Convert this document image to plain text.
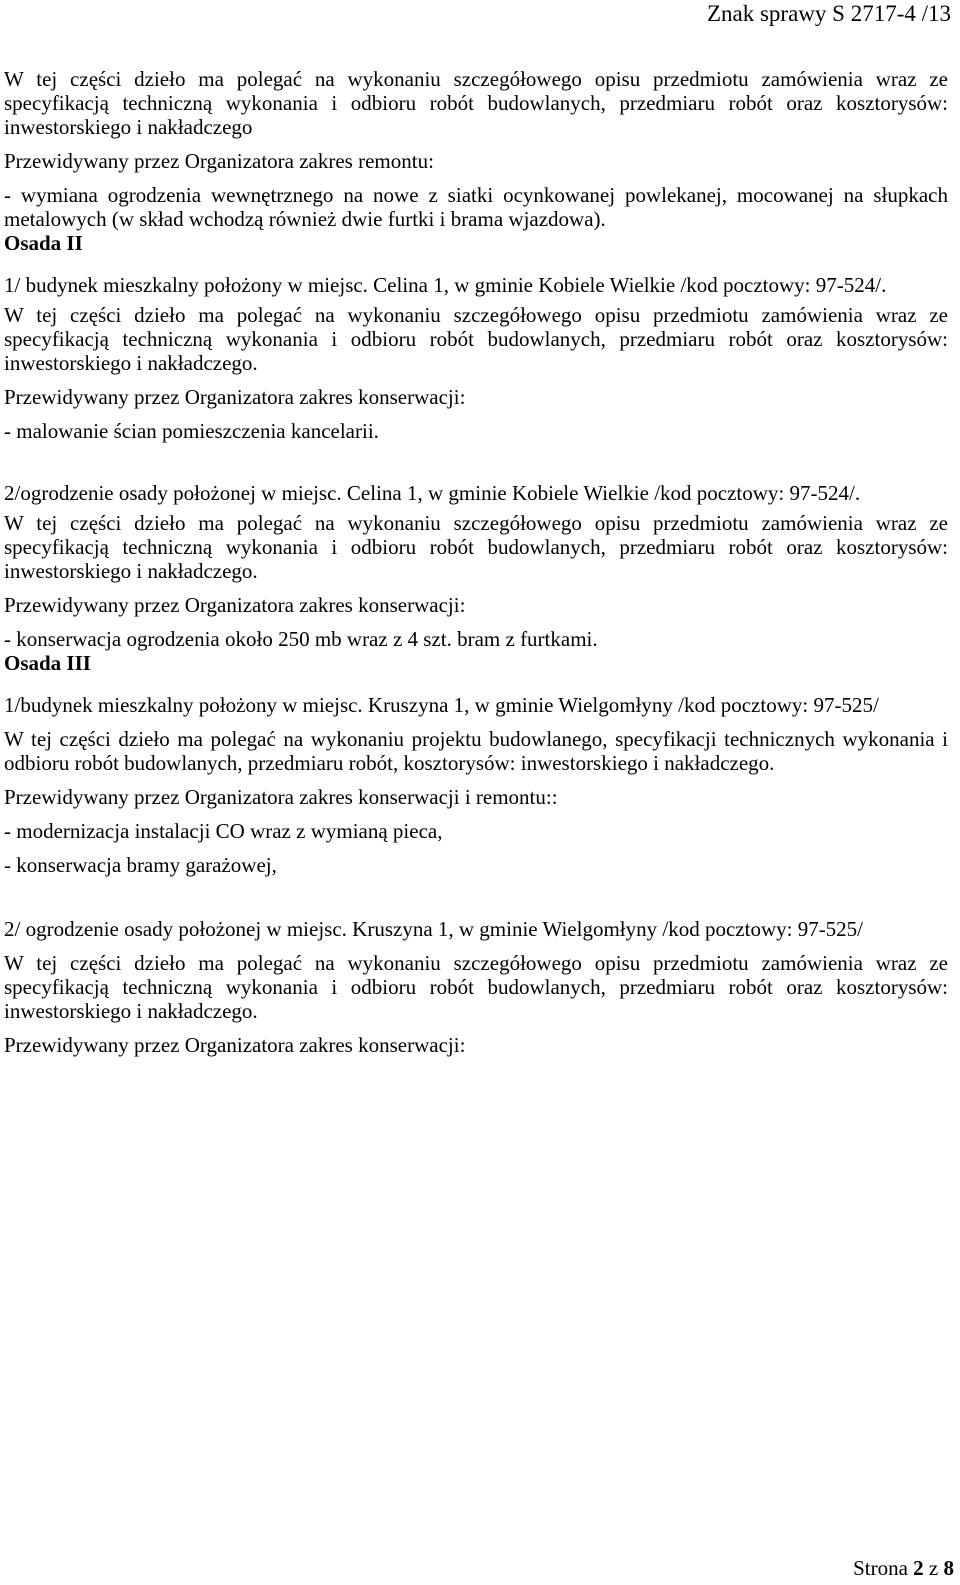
Znak sprawy S 2717-4 /13

W tej części dzieło ma polegać na wykonaniu szczegółowego opisu przedmiotu zamówienia wraz ze specyfikacją techniczną wykonania i odbioru robót budowlanych, przedmiaru robót oraz kosztorysów: inwestorskiego i nakładczego

Przewidywany przez Organizatora zakres remontu:

- wymiana ogrodzenia wewnętrznego na nowe z siatki ocynkowanej powlekanej, mocowanej na słupkach metalowych (w skład wchodzą również dwie furtki i brama wjazdowa).

Osada II

1/ budynek mieszkalny położony w miejsc. Celina 1, w gminie Kobiele Wielkie /kod pocztowy: 97-524/.

W tej części dzieło ma polegać na wykonaniu szczegółowego opisu przedmiotu zamówienia wraz ze specyfikacją techniczną wykonania i odbioru robót budowlanych, przedmiaru robót oraz kosztorysów: inwestorskiego i nakładczego.

Przewidywany przez Organizatora zakres konserwacji:

- malowanie ścian pomieszczenia kancelarii.

2/ogrodzenie osady położonej w miejsc. Celina 1, w gminie Kobiele Wielkie /kod pocztowy: 97-524/.

W tej części dzieło ma polegać na wykonaniu szczegółowego opisu przedmiotu zamówienia wraz ze specyfikacją techniczną wykonania i odbioru robót budowlanych, przedmiaru robót oraz kosztorysów: inwestorskiego i nakładczego.

Przewidywany przez Organizatora zakres konserwacji:

- konserwacja ogrodzenia około 250 mb wraz z 4 szt. bram z furtkami.

Osada III

1/budynek mieszkalny położony w miejsc. Kruszyna 1, w gminie Wielgomłyny /kod pocztowy: 97-525/

W tej części dzieło ma polegać na wykonaniu projektu budowlanego, specyfikacji technicznych wykonania i odbioru robót budowlanych, przedmiaru robót, kosztorysów: inwestorskiego i nakładczego.

Przewidywany przez Organizatora zakres konserwacji i remontu::

- modernizacja instalacji CO wraz z wymianą pieca,

- konserwacja bramy garażowej,

2/ ogrodzenie osady położonej w miejsc. Kruszyna 1, w gminie Wielgomłyny /kod pocztowy: 97-525/

W tej części dzieło ma polegać na wykonaniu szczegółowego opisu przedmiotu zamówienia wraz ze specyfikacją techniczną wykonania i odbioru robót budowlanych, przedmiaru robót oraz kosztorysów: inwestorskiego i nakładczego.

Przewidywany przez Organizatora zakres konserwacji:

Strona 2 z 8
